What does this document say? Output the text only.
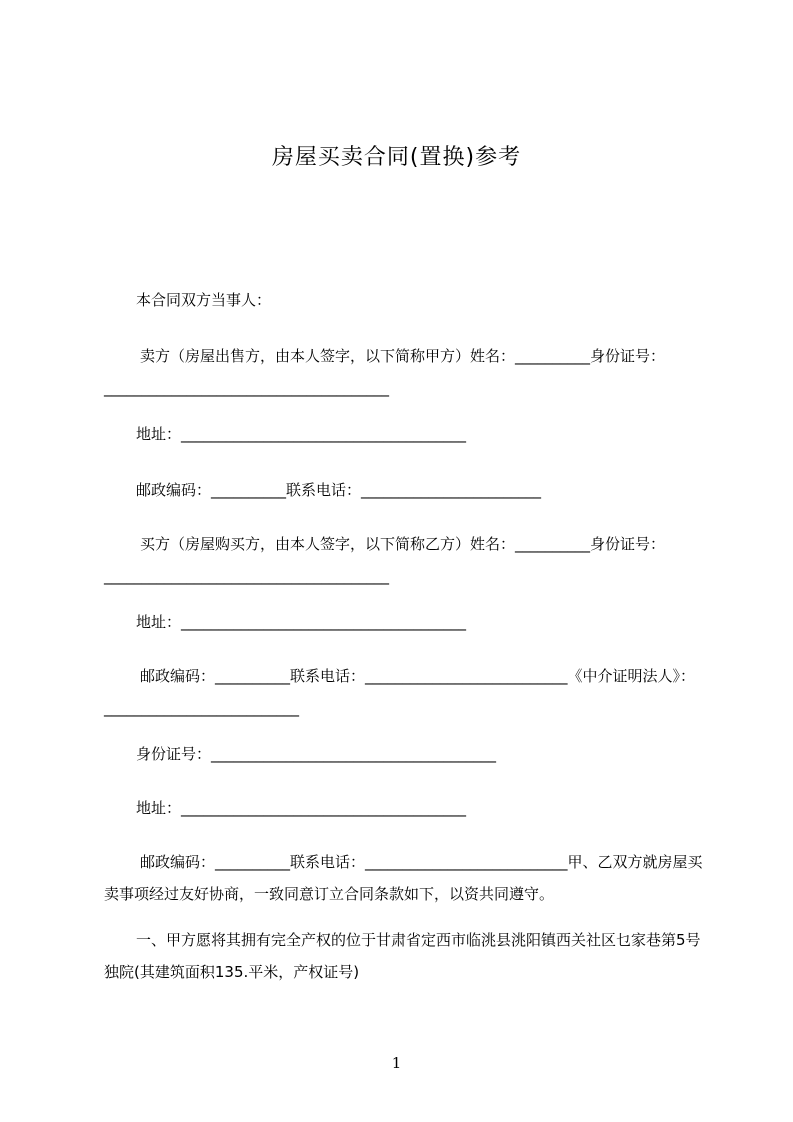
房屋买卖合同(置换)参考
本合同双方当事人：
卖方（房屋出售方，由本人签字，以下简称甲方）姓名：__________身份证号：______________________________________
地址：______________________________________
邮政编码：__________联系电话：________________________
买方（房屋购买方，由本人签字，以下简称乙方）姓名：__________身份证号：______________________________________
地址：______________________________________
邮政编码：__________联系电话：___________________________《中介证明法人》：__________________________
身份证号：______________________________________
地址：______________________________________
邮政编码：__________联系电话：___________________________甲、乙双方就房屋买卖事项经过友好协商，一致同意订立合同条款如下，以资共同遵守。
一、甲方愿将其拥有完全产权的位于甘肃省定西市临洮县洮阳镇西关社区乜家巷第5号独院(其建筑面积135.平米，产权证号)
1
